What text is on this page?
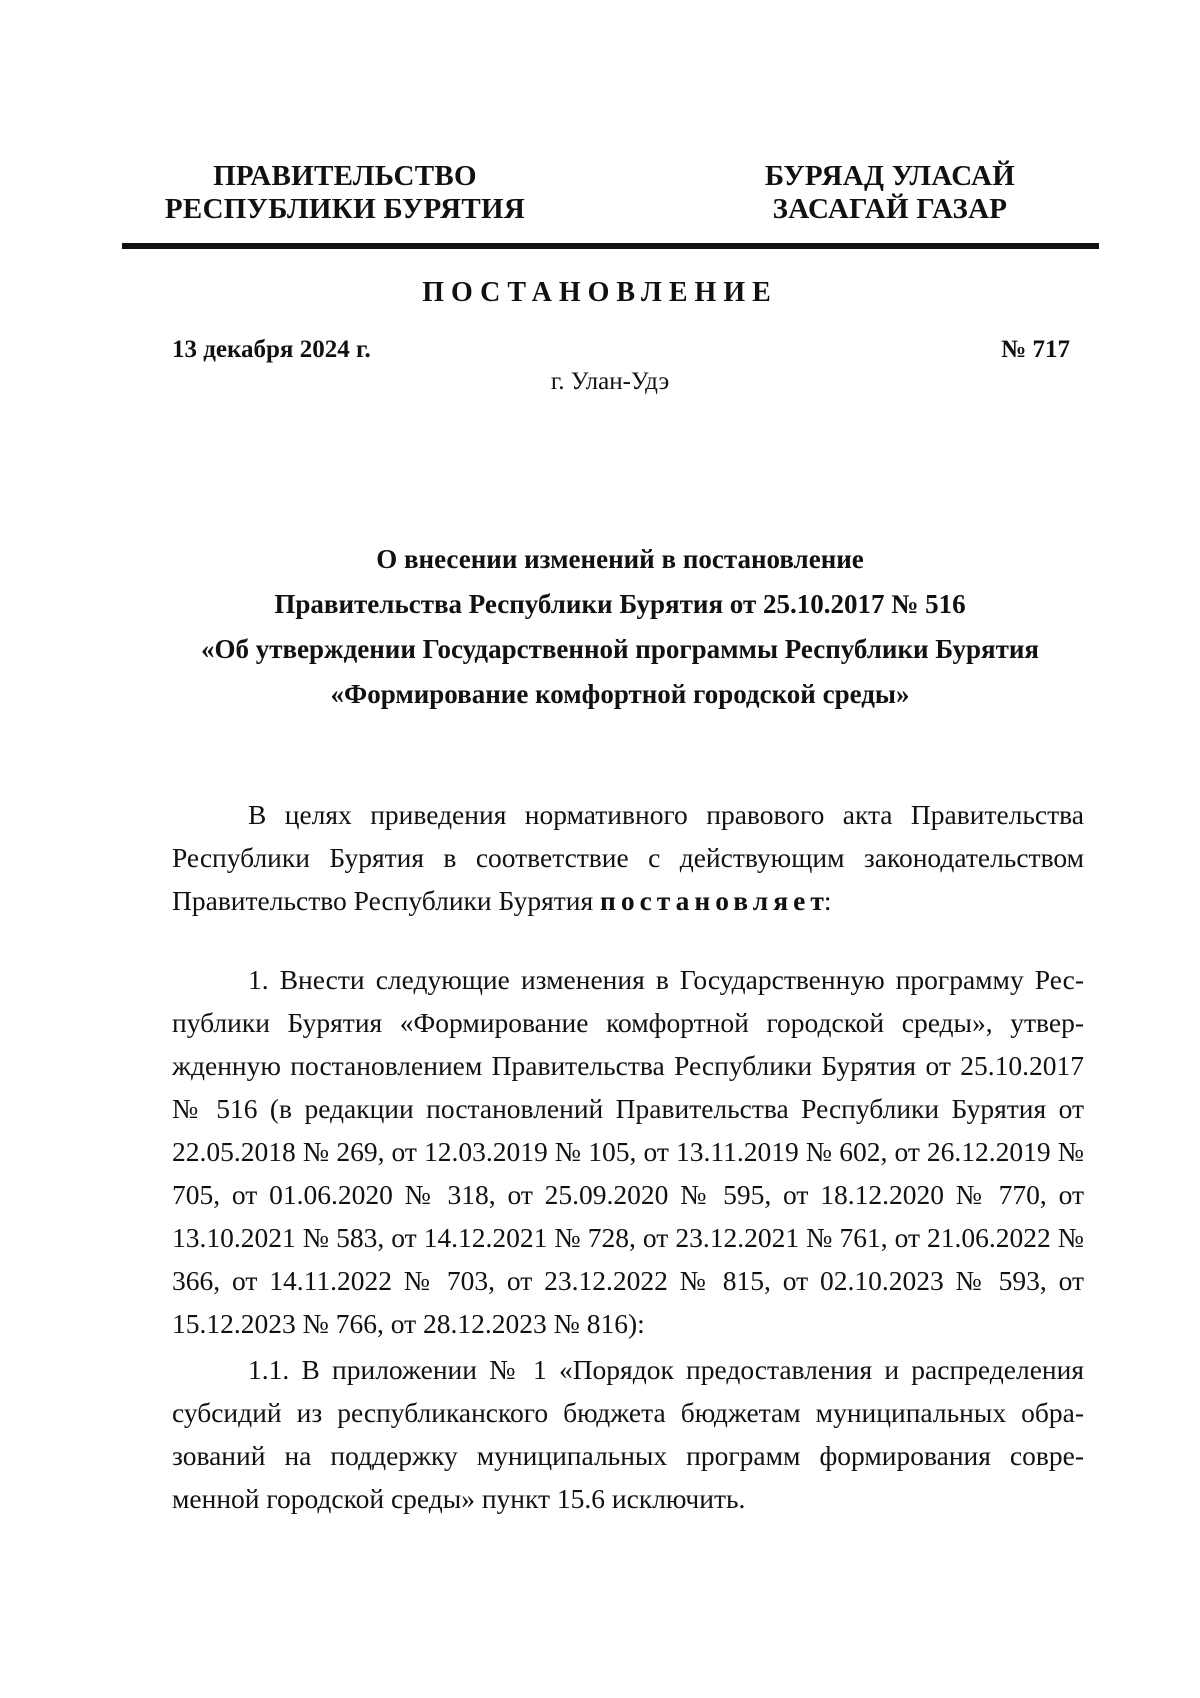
ПРАВИТЕЛЬСТВО
РЕСПУБЛИКИ БУРЯТИЯ
БУРЯАД УЛАСАЙ
ЗАСАГАЙ ГАЗАР
ПОСТАНОВЛЕНИЕ
13 декабря 2024 г.	№ 717
г. Улан-Удэ
О внесении изменений в постановление
Правительства Республики Бурятия от 25.10.2017 № 516
«Об утверждении Государственной программы Республики Бурятия
«Формирование комфортной городской среды»
В целях приведения нормативного правового акта Правительства Республики Бурятия в соответствие с действующим законодательством Правительство Республики Бурятия постановляет:
1. Внести следующие изменения в Государственную программу Республики Бурятия «Формирование комфортной городской среды», утвержденную постановлением Правительства Республики Бурятия от 25.10.2017 № 516 (в редакции постановлений Правительства Республики Бурятия от 22.05.2018 № 269, от 12.03.2019 № 105, от 13.11.2019 № 602, от 26.12.2019 № 705, от 01.06.2020 № 318, от 25.09.2020 № 595, от 18.12.2020 № 770, от 13.10.2021 № 583, от 14.12.2021 № 728, от 23.12.2021 № 761, от 21.06.2022 № 366, от 14.11.2022 № 703, от 23.12.2022 № 815, от 02.10.2023 № 593, от 15.12.2023 № 766, от 28.12.2023 № 816):
1.1. В приложении № 1 «Порядок предоставления и распределения субсидий из республиканского бюджета бюджетам муниципальных образований на поддержку муниципальных программ формирования современной городской среды» пункт 15.6 исключить.
